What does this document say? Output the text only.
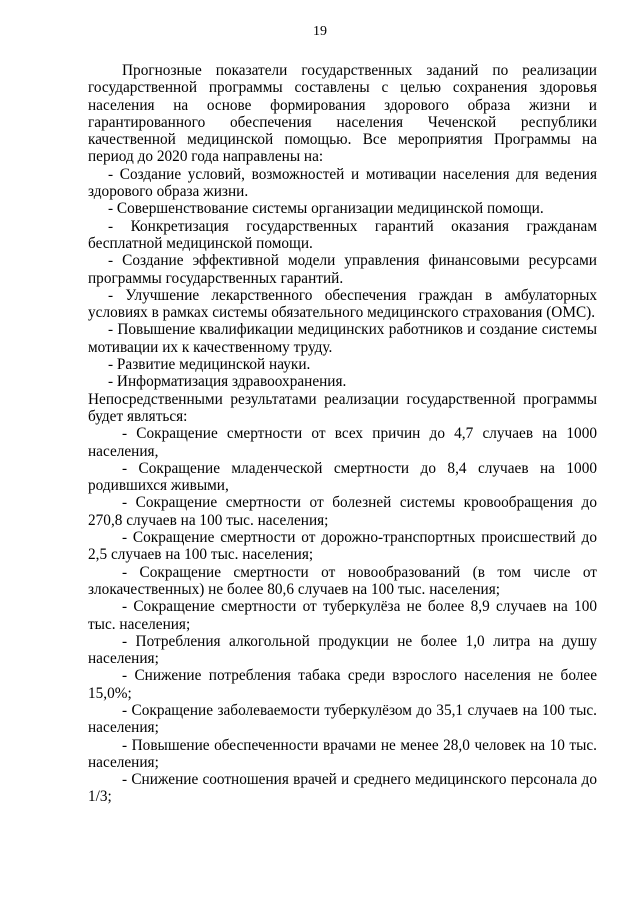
19

Прогнозные показатели государственных заданий по реализации государственной программы составлены с целью сохранения здоровья населения на основе формирования здорового образа жизни и гарантированного обеспечения населения Чеченской республики качественной медицинской помощью. Все мероприятия Программы на период до 2020 года направлены на:

- Создание условий, возможностей и мотивации населения для ведения здорового образа жизни.

- Совершенствование системы организации медицинской помощи.

- Конкретизация государственных гарантий оказания гражданам бесплатной медицинской помощи.

- Создание эффективной модели управления финансовыми ресурсами программы государственных гарантий.

- Улучшение лекарственного обеспечения граждан в амбулаторных условиях в рамках системы обязательного медицинского страхования (ОМС).

- Повышение квалификации медицинских работников и создание системы мотивации их к качественному труду.

- Развитие медицинской науки.

- Информатизация здравоохранения.

Непосредственными результатами реализации государственной программы будет являться:

- Сокращение смертности от всех причин до 4,7 случаев на 1000 населения,

- Сокращение младенческой смертности до 8,4 случаев на 1000 родившихся живыми,

- Сокращение смертности от болезней системы кровообращения до 270,8 случаев на 100 тыс. населения;

- Сокращение смертности от дорожно-транспортных происшествий до 2,5 случаев на 100 тыс. населения;

- Сокращение смертности от новообразований (в том числе от злокачественных) не более 80,6 случаев на 100 тыс. населения;

- Сокращение смертности от туберкулёза не более 8,9 случаев на 100 тыс. населения;

- Потребления алкогольной продукции не более 1,0 литра на душу населения;

- Снижение потребления табака среди взрослого населения не более 15,0%;

- Сокращение заболеваемости туберкулёзом до 35,1 случаев на 100 тыс. населения;

- Повышение обеспеченности врачами не менее 28,0 человек на 10 тыс. населения;

- Снижение соотношения врачей и среднего медицинского персонала до 1/3;
